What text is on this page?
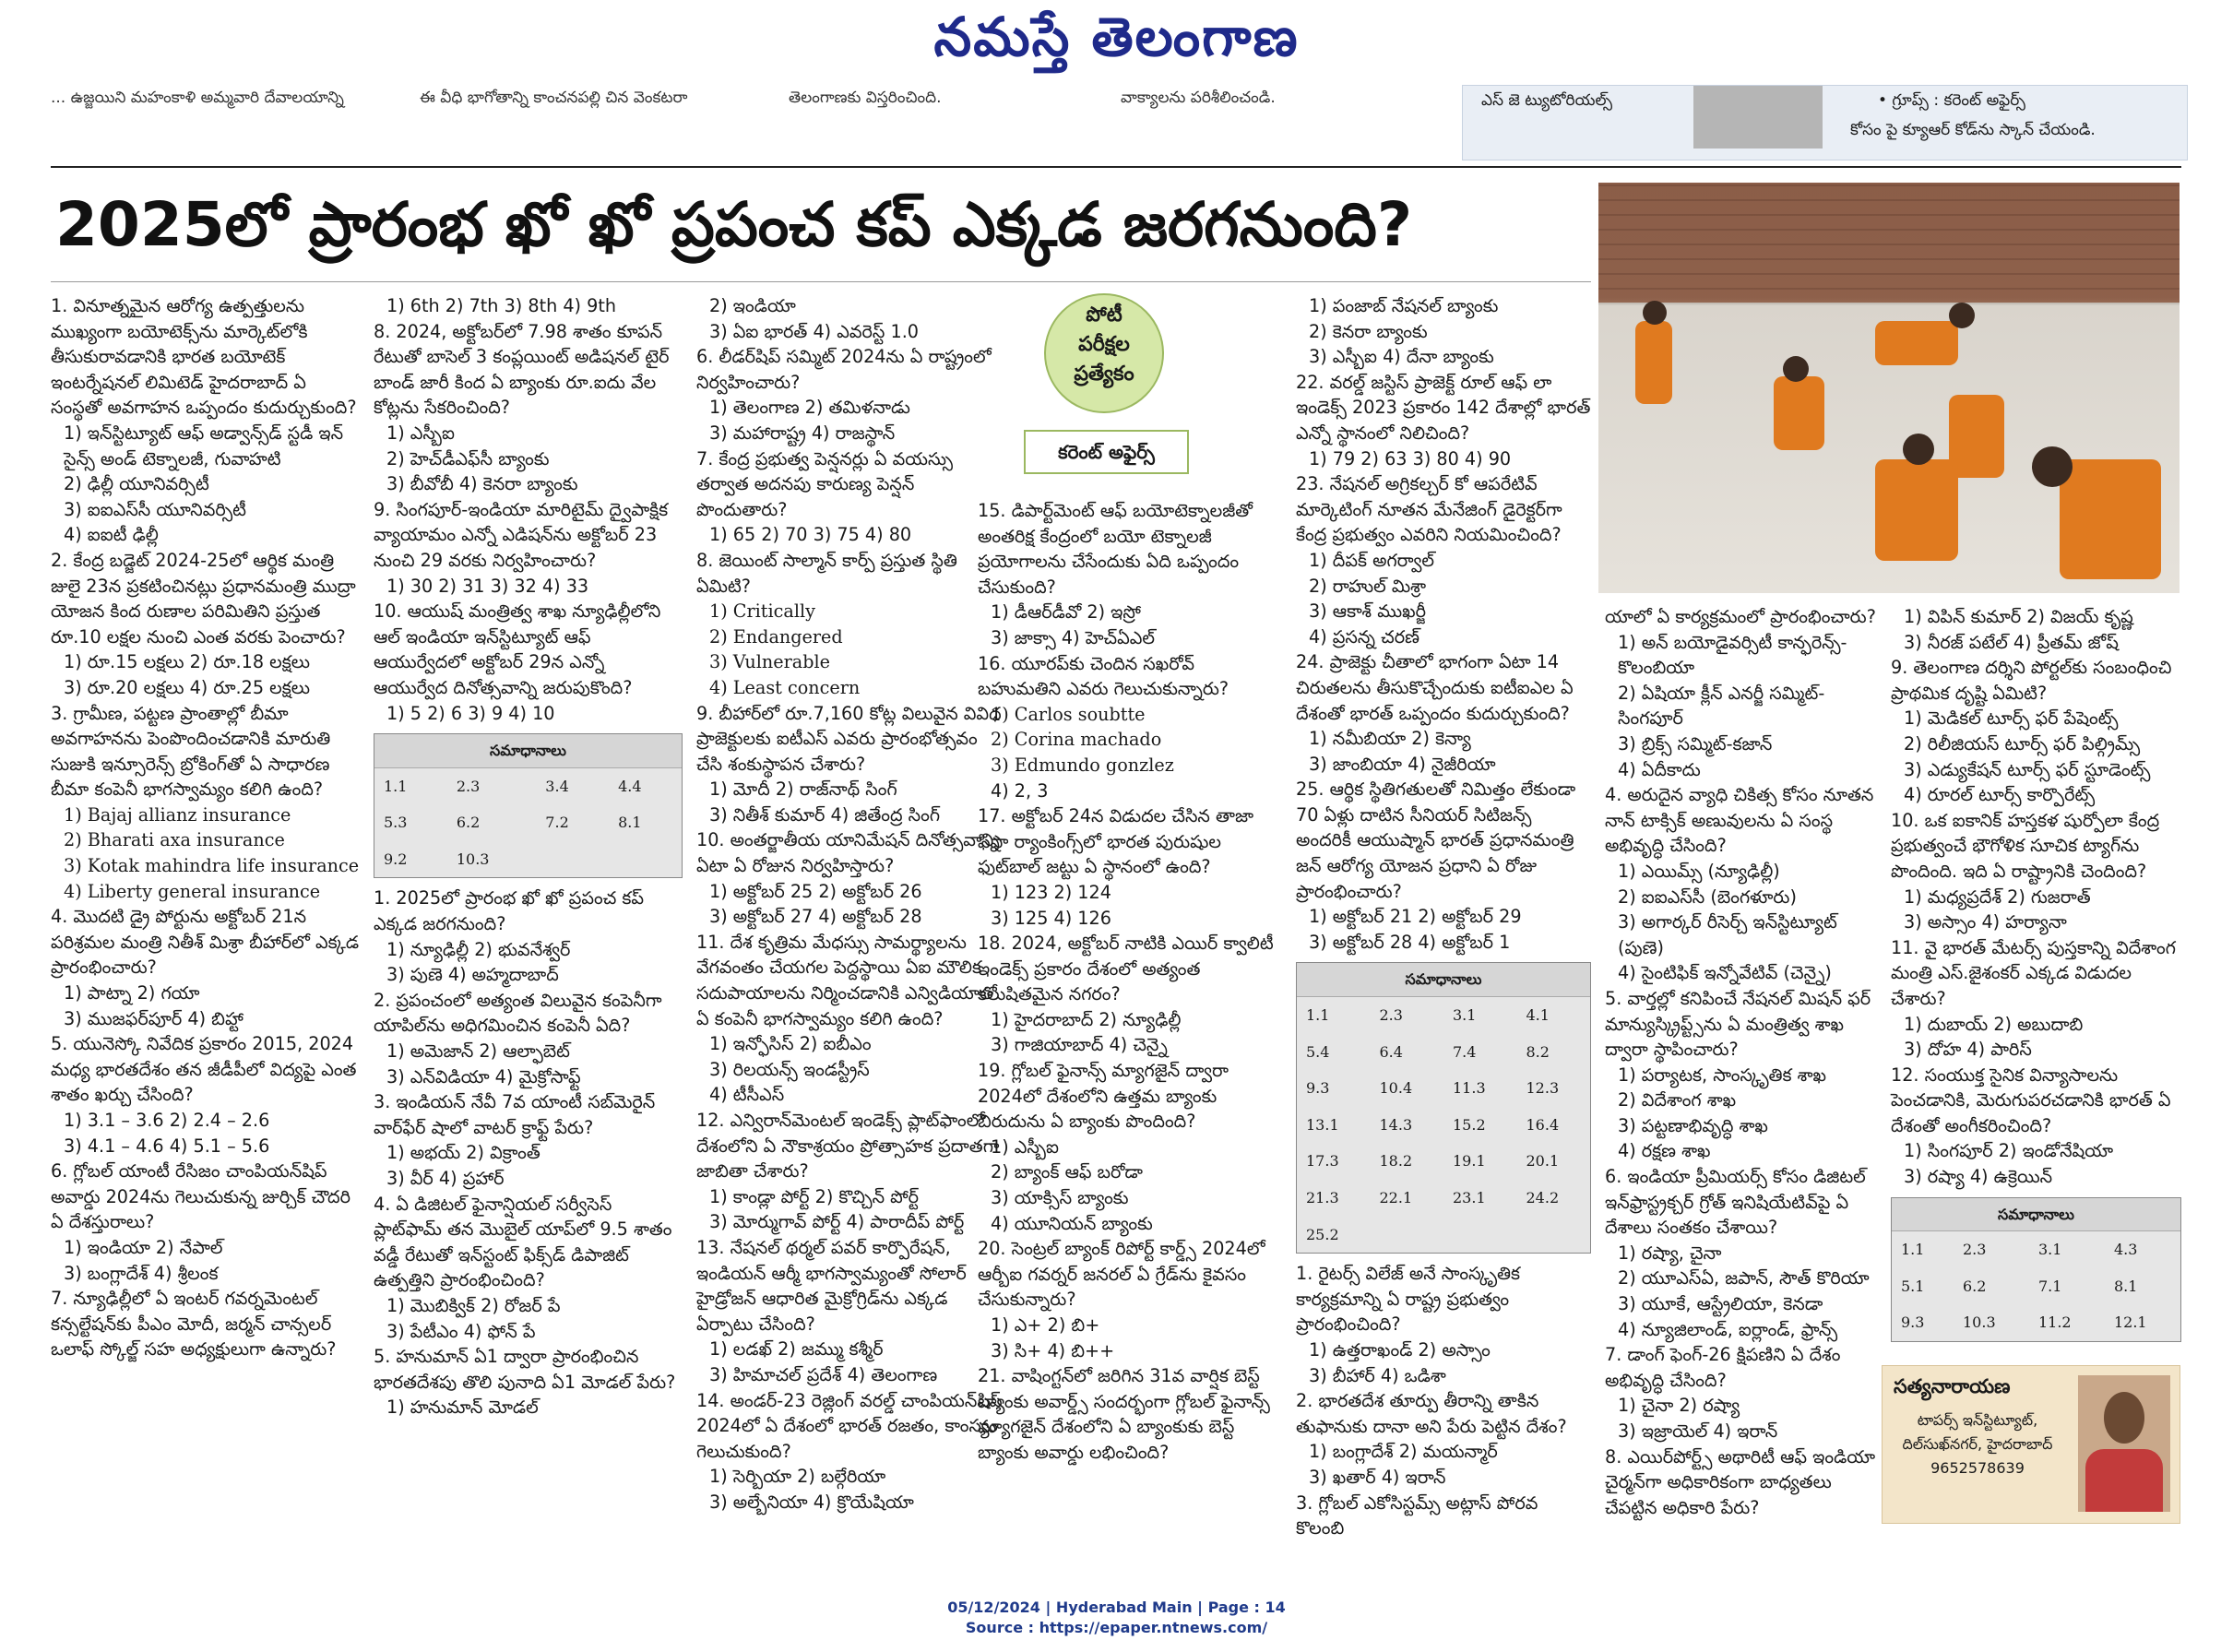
నమస్తే తెలంగాణ
... ఉజ్జయిని మహంకాళి అమ్మవారి దేవాలయాన్ని	ఈ వీధి భాగోతాన్ని కాంచనపల్లి చిన వెంకటరా	తెలంగాణకు విస్తరించింది.	వాక్యాలను పరిశీలించండి.	ఎస్ జె ట్యుటోరియల్స్	• గ్రూప్స్ : కరెంట్ అఫైర్స్
కోసం పై క్యూఆర్ కోడ్‌ను స్కాన్ చేయండి.
2025లో ప్రారంభ ఖో ఖో ప్రపంచ కప్ ఎక్కడ జరగనుంది?
పోటీ
పరీక్షల
ప్రత్యేకం
కరెంట్ అఫైర్స్

1. వినూత్నమైన ఆరోగ్య ఉత్పత్తులను ముఖ్యంగా బయోటెక్స్‌ను మార్కెట్‌లోకి తీసుకురావడానికి భారత బయోటెక్ ఇంటర్నేషనల్ లిమిటెడ్ హైదరాబాద్ ఏ సంస్థతో అవగాహన ఒప్పందం కుదుర్చుకుంది?

1) ఇన్‌స్టిట్యూట్ ఆఫ్ అడ్వాన్స్‌డ్ స్టడీ ఇన్ సైన్స్ అండ్ టెక్నాలజీ, గువాహటి

2) ఢిల్లీ యూనివర్సిటీ

3) ఐఐఎస్‌సీ యూనివర్సిటీ

4) ఐఐటీ ఢిల్లీ

2. కేంద్ర బడ్జెట్ 2024-25లో ఆర్థిక మంత్రి జులై 23న ప్రకటించినట్లు ప్రధానమంత్రి ముద్రా యోజన కింద రుణాల పరిమితిని ప్రస్తుత రూ.10 లక్షల నుంచి ఎంత వరకు పెంచారు?

1) రూ.15 లక్షలు 2) రూ.18 లక్షలు

3) రూ.20 లక్షలు 4) రూ.25 లక్షలు

3. గ్రామీణ, పట్టణ ప్రాంతాల్లో బీమా అవగాహనను పెంపొందించడానికి మారుతి సుజుకి ఇన్సూరెన్స్ బ్రోకింగ్‌తో ఏ సాధారణ బీమా కంపెనీ భాగస్వామ్యం కలిగి ఉంది?

1) Bajaj allianz insurance

2) Bharati axa insurance

3) Kotak mahindra life insurance

4) Liberty general insurance

4. మొదటి డ్రై పోర్టును అక్టోబర్ 21న పరిశ్రమల మంత్రి నితీశ్ మిశ్రా బీహార్‌లో ఎక్కడ ప్రారంభించారు?

1) పాట్నా 2) గయా

3) ముజఫర్‌పూర్ 4) బిహ్టా

5. యునెస్కో నివేదిక ప్రకారం 2015, 2024 మధ్య భారతదేశం తన జీడీపీలో విద్యపై ఎంత శాతం ఖర్చు చేసింది?

1) 3.1 – 3.6 2) 2.4 – 2.6

3) 4.1 – 4.6 4) 5.1 – 5.6

6. గ్లోబల్ యాంటీ రేసిజం చాంపియన్‌షిప్ అవార్డు 2024ను గెలుచుకున్న జుర్చిక్ చౌదరి ఏ దేశస్తురాలు?

1) ఇండియా 2) నేపాల్

3) బంగ్లాదేశ్ 4) శ్రీలంక

7. న్యూఢిల్లీలో ఏ ఇంటర్ గవర్నమెంటల్ కన్సల్టేషన్‌కు పీఎం మోదీ, జర్మన్ చాన్సలర్ ఒలాఫ్ స్కోల్జ్ సహ అధ్యక్షులుగా ఉన్నారు?

1) 6th 2) 7th 3) 8th 4) 9th

8. 2024, అక్టోబర్‌లో 7.98 శాతం కూపన్ రేటుతో బాసెల్ 3 కంప్లయింట్ అడిషనల్ టైర్ బాండ్ జారీ కింద ఏ బ్యాంకు రూ.ఐదు వేల కోట్లను సేకరించింది?

1) ఎస్బీఐ

2) హెచ్‌డీఎఫ్‌సీ బ్యాంకు

3) బీవోబీ 4) కెనరా బ్యాంకు

9. సింగపూర్-ఇండియా మారిటైమ్ ద్వైపాక్షిక వ్యాయామం ఎన్నో ఎడిషన్‌ను అక్టోబర్ 23 నుంచి 29 వరకు నిర్వహించారు?

1) 30 2) 31 3) 32 4) 33

10. ఆయుష్ మంత్రిత్వ శాఖ న్యూఢిల్లీలోని ఆల్ ఇండియా ఇన్‌స్టిట్యూట్ ఆఫ్ ఆయుర్వేదలో అక్టోబర్ 29న ఎన్నో ఆయుర్వేద దినోత్సవాన్ని జరుపుకొంది?

1) 5 2) 6 3) 9 4) 10

సమాధానాలు
1.1	2.3	3.4	4.4
5.3	6.2	7.2	8.1
9.2	10.3		

1. 2025లో ప్రారంభ ఖో ఖో ప్రపంచ కప్ ఎక్కడ జరగనుంది?

1) న్యూఢిల్లీ 2) భువనేశ్వర్

3) పుణె 4) అహ్మదాబాద్

2. ప్రపంచంలో అత్యంత విలువైన కంపెనీగా యాపిల్‌ను అధిగమించిన కంపెనీ ఏది?

1) అమెజాన్ 2) ఆల్ఫాబెట్

3) ఎన్‌విడియా 4) మైక్రోసాఫ్ట్

3. ఇండియన్ నేవీ 7వ యాంటీ సబ్‌మెరైన్ వార్‌ఫేర్ షాలో వాటర్ క్రాఫ్ట్ పేరు?

1) అభయ్ 2) విక్రాంత్

3) వీర్ 4) ప్రహార్

4. ఏ డిజిటల్ ఫైనాన్షియల్ సర్వీసెస్ ప్లాట్‌ఫామ్ తన మొబైల్ యాప్‌లో 9.5 శాతం వడ్డీ రేటుతో ఇన్‌స్టంట్ ఫిక్స్‌డ్ డిపాజిట్ ఉత్పత్తిని ప్రారంభించింది?

1) మొబిక్విక్ 2) రోజర్ పే

3) పేటీఎం 4) ఫోన్ పే

5. హనుమాన్ ఏ1 ద్వారా ప్రారంభించిన భారతదేశపు తొలి పునాది ఏ1 మోడల్ పేరు?

1) హనుమాన్ మోడల్

2) ఇండియా

3) ఏఐ భారత్ 4) ఎవరెస్ట్ 1.0

6. లీడర్‌షిప్ సమ్మిట్ 2024ను ఏ రాష్ట్రంలో నిర్వహించారు?

1) తెలంగాణ 2) తమిళనాడు

3) మహారాష్ట్ర 4) రాజస్థాన్

7. కేంద్ర ప్రభుత్వ పెన్షనర్లు ఏ వయస్సు తర్వాత అదనపు కారుణ్య పెన్షన్ పొందుతారు?

1) 65 2) 70 3) 75 4) 80

8. జెయింట్ సాల్మాన్ కార్ప్ ప్రస్తుత స్థితి ఏమిటి?

1) Critically

2) Endangered

3) Vulnerable

4) Least concern

9. బీహార్‌లో రూ.7,160 కోట్ల విలువైన వివిధ ప్రాజెక్టులకు ఐటీఎస్ ఎవరు ప్రారంభోత్సవం చేసి శంకుస్థాపన చేశారు?

1) మోదీ 2) రాజ్‌నాథ్ సింగ్

3) నితీశ్ కుమార్ 4) జితేంద్ర సింగ్

10. అంతర్జాతీయ యానిమేషన్ దినోత్సవాన్ని ఏటా ఏ రోజున నిర్వహిస్తారు?

1) అక్టోబర్ 25 2) అక్టోబర్ 26

3) అక్టోబర్ 27 4) అక్టోబర్ 28

11. దేశ కృత్రిమ మేధస్సు సామర్థ్యాలను వేగవంతం చేయగల పెద్దస్థాయి ఏఐ మౌలిక సదుపాయాలను నిర్మించడానికి ఎన్విడియాతో ఏ కంపెనీ భాగస్వామ్యం కలిగి ఉంది?

1) ఇన్ఫోసిస్ 2) ఐబీఎం

3) రిలయన్స్ ఇండస్ట్రీస్

4) టీసీఎస్

12. ఎన్విరాన్‌మెంటల్ ఇండెక్స్ ప్లాట్‌ఫాంలో దేశంలోని ఏ నౌకాశ్రయం ప్రోత్సాహక ప్రదాతగా జాబితా చేశారు?

1) కాండ్లా పోర్ట్ 2) కొచ్చిన్ పోర్ట్

3) మోర్ముగావ్ పోర్ట్ 4) పారాదీప్ పోర్ట్

13. నేషనల్ థర్మల్ పవర్ కార్పొరేషన్, ఇండియన్ ఆర్మీ భాగస్వామ్యంతో సోలార్ హైడ్రోజన్ ఆధారిత మైక్రోగ్రిడ్‌ను ఎక్కడ ఏర్పాటు చేసింది?

1) లడఖ్ 2) జమ్ము కశ్మీర్

3) హిమాచల్ ప్రదేశ్ 4) తెలంగాణ

14. అండర్-23 రెజ్లింగ్ వరల్డ్ చాంపియన్‌షిప్ 2024లో ఏ దేశంలో భారత్ రజతం, కాంస్యం గెలుచుకుంది?

1) సెర్బియా 2) బల్గేరియా

3) అల్బేనియా 4) క్రొయేషియా

15. డిపార్ట్‌మెంట్ ఆఫ్ బయోటెక్నాలజీతో అంతరిక్ష కేంద్రంలో బయో టెక్నాలజీ ప్రయోగాలను చేసేందుకు ఏది ఒప్పందం చేసుకుంది?

1) డీఆర్‌డీవో 2) ఇస్రో

3) జాక్సా 4) హెచ్‌ఏఎల్

16. యూరప్‌కు చెందిన సఖరోవ్ బహుమతిని ఎవరు గెలుచుకున్నారు?

1) Carlos soubtte

2) Corina machado

3) Edmundo gonzlez

4) 2, 3

17. అక్టోబర్ 24న విడుదల చేసిన తాజా ఫిఫా ర్యాంకింగ్స్‌లో భారత పురుషుల ఫుట్‌బాల్ జట్టు ఏ స్థానంలో ఉంది?

1) 123 2) 124

3) 125 4) 126

18. 2024, అక్టోబర్ నాటికి ఎయిర్ క్వాలిటీ ఇండెక్స్ ప్రకారం దేశంలో అత్యంత కలుషితమైన నగరం?

1) హైదరాబాద్ 2) న్యూఢిల్లీ

3) గాజియాబాద్ 4) చెన్నై

19. గ్లోబల్ ఫైనాన్స్ మ్యాగజైన్ ద్వారా 2024లో దేశంలోని ఉత్తమ బ్యాంకు బిరుదును ఏ బ్యాంకు పొందింది?

1) ఎస్బీఐ

2) బ్యాంక్ ఆఫ్ బరోడా

3) యాక్సిస్ బ్యాంకు

4) యూనియన్ బ్యాంకు

20. సెంట్రల్ బ్యాంక్ రిపోర్ట్ కార్డ్స్ 2024లో ఆర్బీఐ గవర్నర్ జనరల్ ఏ గ్రేడ్‌ను కైవసం చేసుకున్నారు?

1) ఎ+ 2) బి+

3) సి+ 4) బి++

21. వాషింగ్టన్‌లో జరిగిన 31వ వార్షిక బెస్ట్ బ్యాంకు అవార్డ్స్ సందర్భంగా గ్లోబల్ ఫైనాన్స్ మ్యాగజైన్ దేశంలోని ఏ బ్యాంకుకు బెస్ట్ బ్యాంకు అవార్డు లభించింది?

1) పంజాబ్ నేషనల్ బ్యాంకు

2) కెనరా బ్యాంకు

3) ఎస్బీఐ 4) దేనా బ్యాంకు

22. వరల్డ్ జస్టిస్ ప్రాజెక్ట్ రూల్ ఆఫ్ లా ఇండెక్స్ 2023 ప్రకారం 142 దేశాల్లో భారత్ ఎన్నో స్థానంలో నిలిచింది?

1) 79 2) 63 3) 80 4) 90

23. నేషనల్ అగ్రికల్చర్ కో ఆపరేటివ్ మార్కెటింగ్ నూతన మేనేజింగ్ డైరెక్టర్‌గా కేంద్ర ప్రభుత్వం ఎవరిని నియమించింది?

1) దీపక్ అగర్వాల్

2) రాహుల్ మిశ్రా

3) ఆకాశ్ ముఖర్జీ

4) ప్రసన్న చరణ్

24. ప్రాజెక్టు చీతాలో భాగంగా ఏటా 14 చిరుతలను తీసుకొచ్చేందుకు ఐటీఐఎల ఏ దేశంతో భారత్ ఒప్పందం కుదుర్చుకుంది?

1) నమీబియా 2) కెన్యా

3) జాంబియా 4) నైజీరియా

25. ఆర్థిక స్థితిగతులతో నిమిత్తం లేకుండా 70 ఏళ్లు దాటిన సీనియర్ సిటిజన్స్ అందరికీ ఆయుష్మాన్ భారత్ ప్రధానమంత్రి జన్ ఆరోగ్య యోజన ప్రధాని ఏ రోజు ప్రారంభించారు?

1) అక్టోబర్ 21 2) అక్టోబర్ 29

3) అక్టోబర్ 28 4) అక్టోబర్ 1

సమాధానాలు
1.1	2.3	3.1	4.1
5.4	6.4	7.4	8.2
9.3	10.4	11.3	12.3
13.1	14.3	15.2	16.4
17.3	18.2	19.1	20.1
21.3	22.1	23.1	24.2
25.2			

1. రైటర్స్ విలేజ్ అనే సాంస్కృతిక కార్యక్రమాన్ని ఏ రాష్ట్ర ప్రభుత్వం ప్రారంభించింది?

1) ఉత్తరాఖండ్ 2) అస్సాం

3) బీహార్ 4) ఒడిశా

2. భారతదేశ తూర్పు తీరాన్ని తాకిన తుఫానుకు దానా అని పేరు పెట్టిన దేశం?

1) బంగ్లాదేశ్ 2) మయన్మార్

3) ఖతార్ 4) ఇరాన్

3. గ్లోబల్ ఎకోసిస్టమ్స్ అట్లాస్ పోరవ కొలంబి

యాలో ఏ కార్యక్రమంలో ప్రారంభించారు?

1) అన్ బయోడైవర్సిటీ కాన్ఫరెన్స్-కొలంబియా

2) ఏషియా క్లీన్ ఎనర్జీ సమ్మిట్-సింగపూర్

3) బ్రిక్స్ సమ్మిట్-కజాన్

4) ఏదీకాదు

4. అరుదైన వ్యాధి చికిత్స కోసం నూతన నాన్ టాక్సిక్ అణువులను ఏ సంస్థ అభివృద్ధి చేసింది?

1) ఎయిమ్స్ (న్యూఢిల్లీ)

2) ఐఐఎస్‌సీ (బెంగళూరు)

3) అగార్కర్ రీసెర్చ్ ఇన్‌స్టిట్యూట్ (పుణె)

4) సైంటిఫిక్ ఇన్నోవేటివ్ (చెన్నై)

5. వార్తల్లో కనిపించే నేషనల్ మిషన్ ఫర్ మాన్యుస్క్రిప్ట్స్‌ను ఏ మంత్రిత్వ శాఖ ద్వారా స్థాపించారు?

1) పర్యాటక, సాంస్కృతిక శాఖ

2) విదేశాంగ శాఖ

3) పట్టణాభివృద్ధి శాఖ

4) రక్షణ శాఖ

6. ఇండియా ప్రీమియర్స్ కోసం డిజిటల్ ఇన్‌ఫ్రాస్ట్రక్చర్ గ్రోత్ ఇనిషియేటివ్‌పై ఏ దేశాలు సంతకం చేశాయి?

1) రష్యా, చైనా

2) యూఎస్ఏ, జపాన్, సౌత్ కొరియా

3) యూకే, ఆస్ట్రేలియా, కెనడా

4) న్యూజిలాండ్, ఐర్లాండ్, ఫ్రాన్స్

7. డాంగ్ ఫెంగ్-26 క్షిపణిని ఏ దేశం అభివృద్ధి చేసింది?

1) చైనా 2) రష్యా

3) ఇజ్రాయెల్ 4) ఇరాన్

8. ఎయిర్‌పోర్ట్స్ అథారిటీ ఆఫ్ ఇండియా చైర్మన్‌గా అధికారికంగా బాధ్యతలు చేపట్టిన అధికారి పేరు?

1) విపిన్ కుమార్ 2) విజయ్ కృష్ణ

3) నీరజ్ పటేల్ 4) ప్రీతమ్ జోష్

9. తెలంగాణ దర్శిని పోర్టల్‌కు సంబంధించి ప్రాథమిక దృష్టి ఏమిటి?

1) మెడికల్ టూర్స్ ఫర్ పేషెంట్స్

2) రిలీజియస్ టూర్స్ ఫర్ పిల్గ్రిమ్స్

3) ఎడ్యుకేషన్ టూర్స్ ఫర్ స్టూడెంట్స్

4) రూరల్ టూర్స్ కార్పొరేట్స్

10. ఒక ఐకానిక్ హస్తకళ షుర్పోలా కేంద్ర ప్రభుత్వంచే భౌగోళిక సూచిక ట్యాగ్‌ను పొందింది. ఇది ఏ రాష్ట్రానికి చెందింది?

1) మధ్యప్రదేశ్ 2) గుజరాత్

3) అస్సాం 4) హర్యానా

11. వై భారత్ మేటర్స్ పుస్తకాన్ని విదేశాంగ మంత్రి ఎస్.జైశంకర్ ఎక్కడ విడుదల చేశారు?

1) దుబాయ్ 2) అబుదాబి

3) దోహ 4) పారిస్

12. సంయుక్త సైనిక విన్యాసాలను పెంచడానికి, మెరుగుపరచడానికి భారత్ ఏ దేశంతో అంగీకరించింది?

1) సింగపూర్ 2) ఇండోనేషియా

3) రష్యా 4) ఉక్రెయిన్

సమాధానాలు
1.1	2.3	3.1	4.3
5.1	6.2	7.1	8.1
9.3	10.3	11.2	12.1
సత్యనారాయణ
టాపర్స్ ఇన్‌స్టిట్యూట్,
దిల్‌సుఖ్‌నగర్, హైదరాబాద్
9652578639
05/12/2024 | Hyderabad Main | Page : 14
Source : https://epaper.ntnews.com/
